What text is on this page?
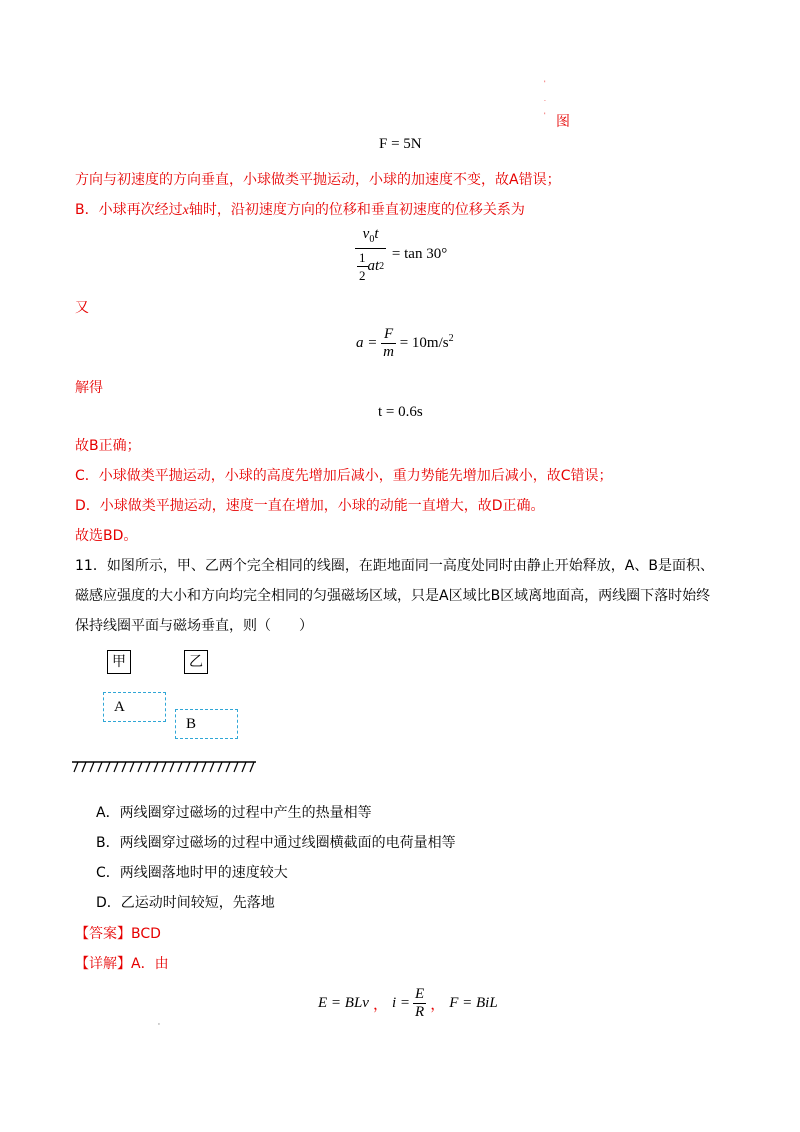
'
.
' 图
F = 5N
方向与初速度的方向垂直，小球做类平抛运动，小球的加速度不变，故A错误；
B．小球再次经过x轴时，沿初速度方向的位移和垂直初速度的位移关系为
$\frac{v_0t}{\frac{1}{2} a t 2} = \tan 30^\circ$
又
$a = \frac{F}{m} = 10m/s^2$
解得
t = 0.6s
故B正确；
C．小球做类平抛运动，小球的高度先增加后减小，重力势能先增加后减小，故C错误；
D．小球做类平抛运动，速度一直在增加，小球的动能一直增大，故D正确。
故选BD。
11．如图所示，甲、乙两个完全相同的线圈，在距地面同一高度处同时由静止开始释放，A、B是面积、
磁感应强度的大小和方向均完全相同的匀强磁场区域，只是A区域比B区域离地面高，两线圈下落时始终
保持线圈平面与磁场垂直，则（　　）
甲	乙
A
B
A．两线圈穿过磁场的过程中产生的热量相等
B．两线圈穿过磁场的过程中通过线圈横截面的电荷量相等
C．两线圈落地时甲的速度较大
D．乙运动时间较短，先落地
【答案】BCD
【详解】A．由
E = BLv ， $i = \frac{E}{R}$ ， F = BiL
'
